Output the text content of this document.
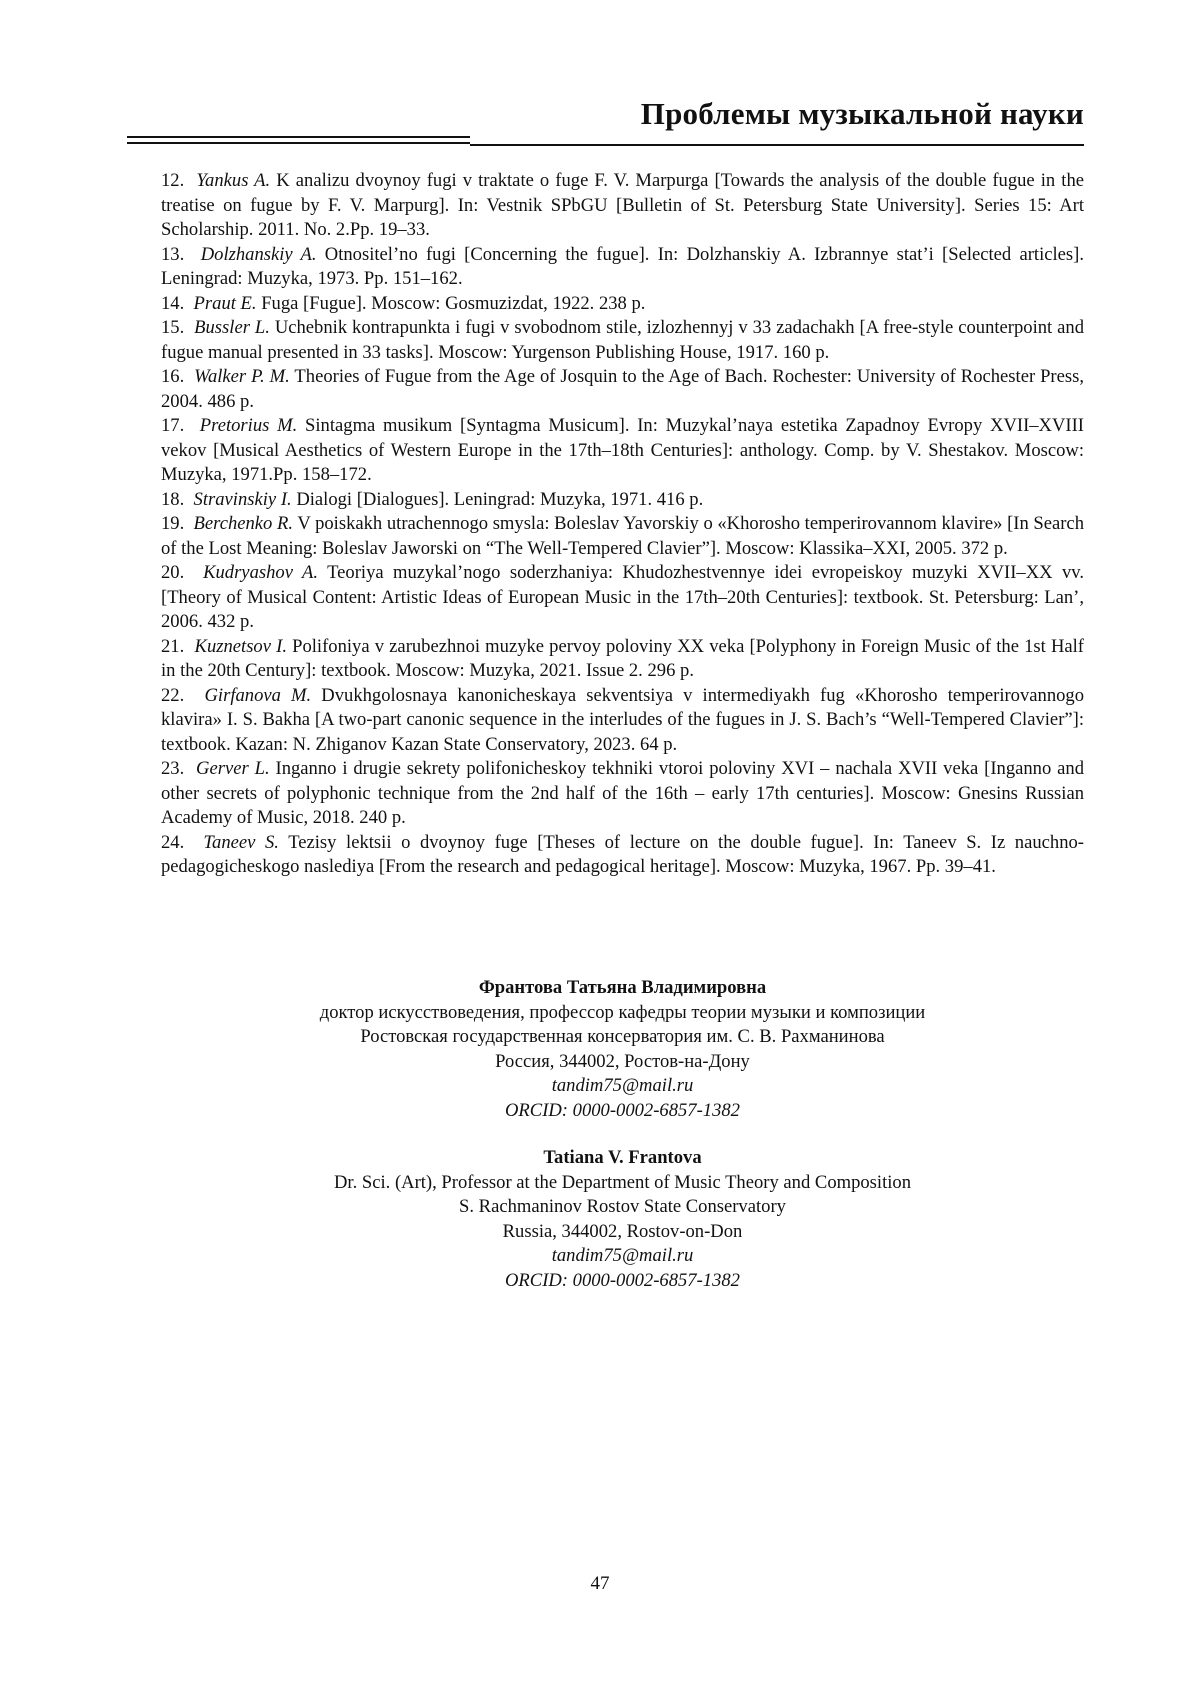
Проблемы музыкальной науки

12. Yankus A. K analizu dvoynoy fugi v traktate o fuge F. V. Marpurga [Towards the analysis of the double fugue in the treatise on fugue by F. V. Marpurg]. In: Vestnik SPbGU [Bulletin of St. Petersburg State University]. Series 15: Art Scholarship. 2011. No. 2.Pp. 19–33.

13. Dolzhanskiy A. Otnositel’no fugi [Concerning the fugue]. In: Dolzhanskiy A. Izbrannye stat’i [Selected articles]. Leningrad: Muzyka, 1973. Pp. 151–162.

14. Praut E. Fuga [Fugue]. Moscow: Gosmuzizdat, 1922. 238 p.

15. Bussler L. Uchebnik kontrapunkta i fugi v svobodnom stile, izlozhennyj v 33 zadachakh [A free-style counterpoint and fugue manual presented in 33 tasks]. Moscow: Yurgenson Publishing House, 1917. 160 p.

16. Walker P. M. Theories of Fugue from the Age of Josquin to the Age of Bach. Rochester: University of Rochester Press, 2004. 486 p.

17. Pretorius M. Sintagma musikum [Syntagma Musicum]. In: Muzykal’naya estetika Zapadnoy Evropy XVII–XVIII vekov [Musical Aesthetics of Western Europe in the 17th–18th Centuries]: anthology. Comp. by V. Shestakov. Moscow: Muzyka, 1971.Pp. 158–172.

18. Stravinskiy I. Dialogi [Dialogues]. Leningrad: Muzyka, 1971. 416 p.

19. Berchenko R. V poiskakh utrachennogo smysla: Boleslav Yavorskiy o «Khorosho temperirovannom klavire» [In Search of the Lost Meaning: Boleslav Jaworski on “The Well-Tempered Clavier”]. Moscow: Klassika–XXI, 2005. 372 p.

20. Kudryashov A. Teoriya muzykal’nogo soderzhaniya: Khudozhestvennye idei evropeiskoy muzyki XVII–XX vv. [Theory of Musical Content: Artistic Ideas of European Music in the 17th–20th Centuries]: textbook. St. Petersburg: Lan’, 2006. 432 p.

21. Kuznetsov I. Polifoniya v zarubezhnoi muzyke pervoy poloviny XX veka [Polyphony in Foreign Music of the 1st Half in the 20th Century]: textbook. Moscow: Muzyka, 2021. Issue 2. 296 p.

22. Girfanova M. Dvukhgolosnaya kanonicheskaya sekventsiya v intermediyakh fug «Khorosho temperirovannogo klavira» I. S. Bakha [A two-part canonic sequence in the interludes of the fugues in J. S. Bach’s “Well-Tempered Clavier”]: textbook. Kazan: N. Zhiganov Kazan State Conservatory, 2023. 64 p.

23. Gerver L. Inganno i drugie sekrety polifonicheskoy tekhniki vtoroi poloviny XVI – nachala XVII veka [Inganno and other secrets of polyphonic technique from the 2nd half of the 16th – early 17th centuries]. Moscow: Gnesins Russian Academy of Music, 2018. 240 p.

24. Taneev S. Tezisy lektsii o dvoynoy fuge [Theses of lecture on the double fugue]. In: Taneev S. Iz nauchno-pedagogicheskogo naslediya [From the research and pedagogical heritage]. Moscow: Muzyka, 1967. Pp. 39–41.

Франтова Татьяна Владимировна
доктор искусствоведения, профессор кафедры теории музыки и композиции
Ростовская государственная консерватория им. С. В. Рахманинова
Россия, 344002, Ростов-на-Дону
tandim75@mail.ru
ORCID: 0000-0002-6857-1382
Tatiana V. Frantova
Dr. Sci. (Art), Professor at the Department of Music Theory and Composition
S. Rachmaninov Rostov State Conservatory
Russia, 344002, Rostov-on-Don
tandim75@mail.ru
ORCID: 0000-0002-6857-1382
47
